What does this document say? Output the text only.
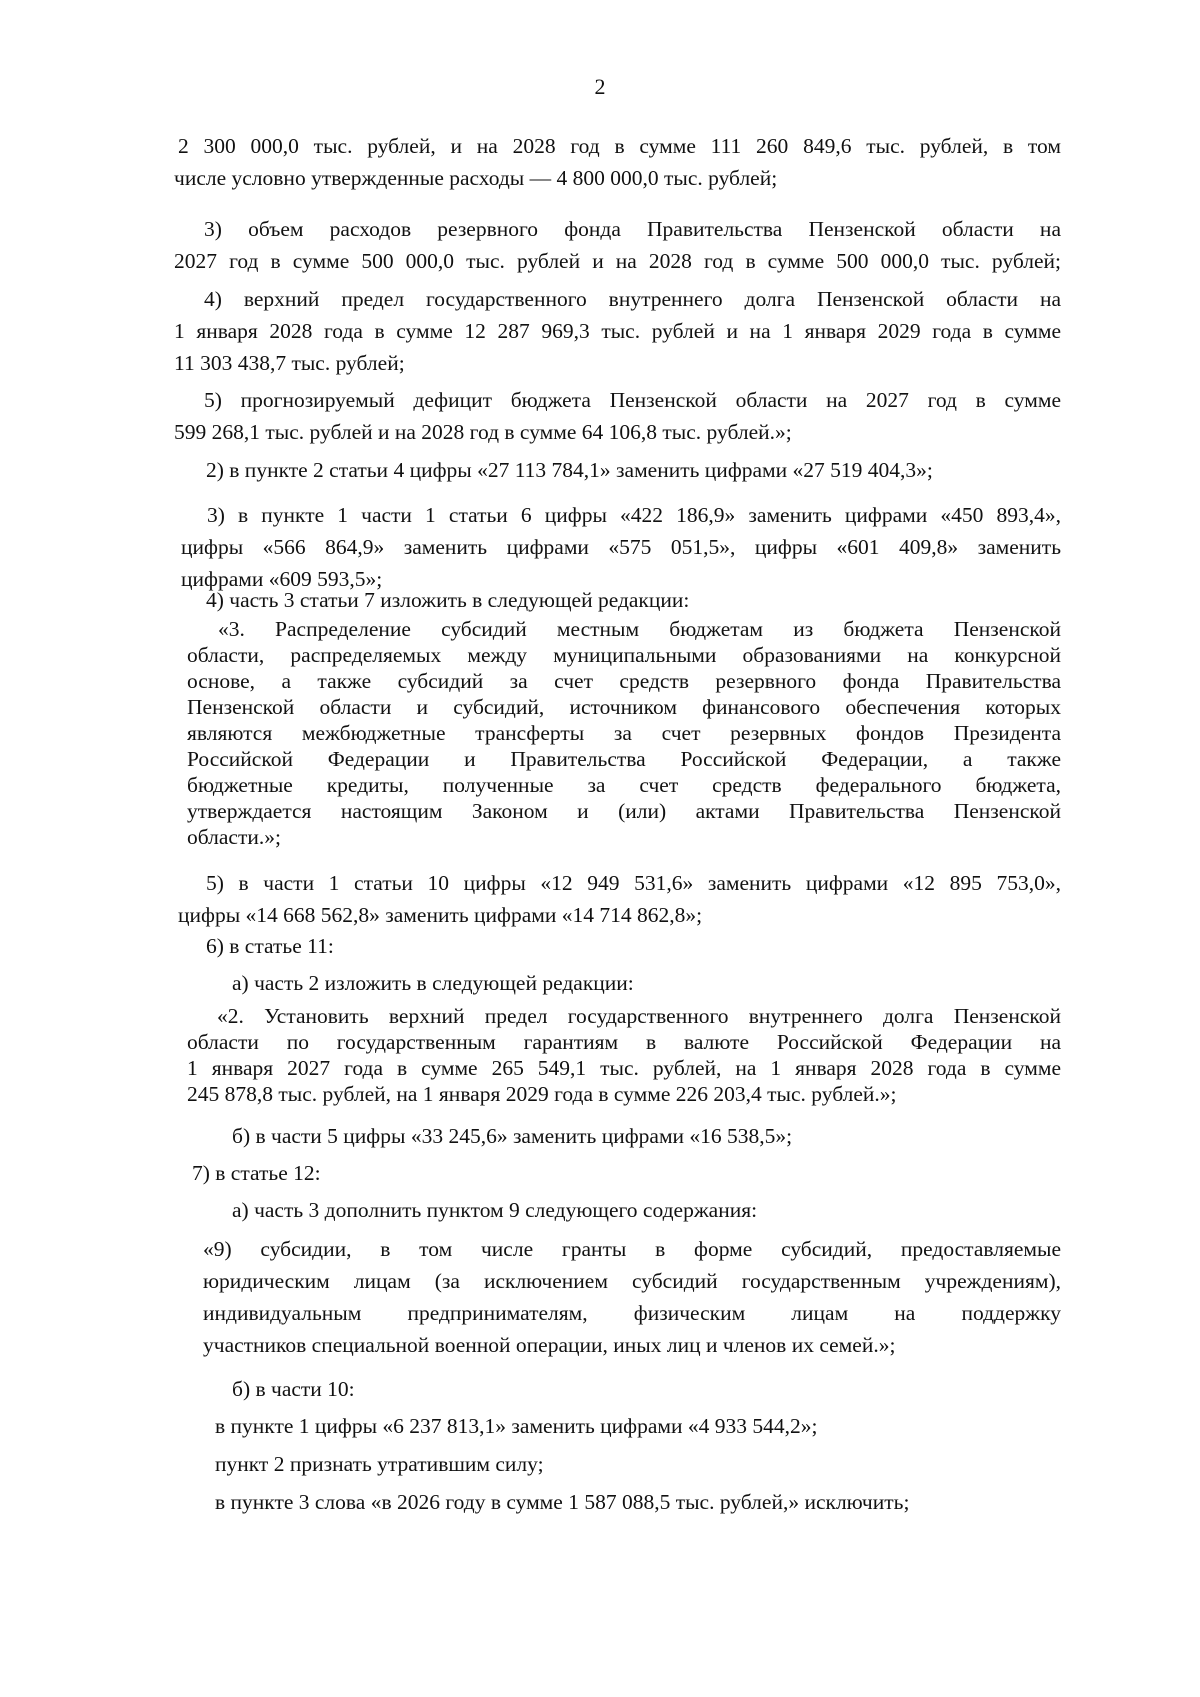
2
2 300 000,0 тыс. рублей, и на 2028 год в сумме 111 260 849,6 тыс. рублей, в том
числе условно утвержденные расходы — 4 800 000,0 тыс. рублей;
3) объем расходов резервного фонда Правительства Пензенской области на
2027 год в сумме 500 000,0 тыс. рублей и на 2028 год в сумме 500 000,0 тыс. рублей;
4) верхний предел государственного внутреннего долга Пензенской области на
1 января 2028 года в сумме 12 287 969,3 тыс. рублей и на 1 января 2029 года в сумме
11 303 438,7 тыс. рублей;
5) прогнозируемый дефицит бюджета Пензенской области на 2027 год в сумме
599 268,1 тыс. рублей и на 2028 год в сумме 64 106,8 тыс. рублей.»;
2) в пункте 2 статьи 4 цифры «27 113 784,1» заменить цифрами «27 519 404,3»;
3) в пункте 1 части 1 статьи 6 цифры «422 186,9» заменить цифрами «450 893,4»,
цифры «566 864,9» заменить цифрами «575 051,5», цифры «601 409,8» заменить
цифрами «609 593,5»;
4) часть 3 статьи 7 изложить в следующей редакции:
«3. Распределение субсидий местным бюджетам из бюджета Пензенской
области, распределяемых между муниципальными образованиями на конкурсной
основе, а также субсидий за счет средств резервного фонда Правительства
Пензенской области и субсидий, источником финансового обеспечения которых
являются межбюджетные трансферты за счет резервных фондов Президента
Российской Федерации и Правительства Российской Федерации, а также
бюджетные кредиты, полученные за счет средств федерального бюджета,
утверждается настоящим Законом и (или) актами Правительства Пензенской
области.»;
5) в части 1 статьи 10 цифры «12 949 531,6» заменить цифрами «12 895 753,0»,
цифры «14 668 562,8» заменить цифрами «14 714 862,8»;
6) в статье 11:
а) часть 2 изложить в следующей редакции:
«2. Установить верхний предел государственного внутреннего долга Пензенской
области по государственным гарантиям в валюте Российской Федерации на
1 января 2027 года в сумме 265 549,1 тыс. рублей, на 1 января 2028 года в сумме
245 878,8 тыс. рублей, на 1 января 2029 года в сумме 226 203,4 тыс. рублей.»;
б) в части 5 цифры «33 245,6» заменить цифрами «16 538,5»;
7) в статье 12:
а) часть 3 дополнить пунктом 9 следующего содержания:
«9) субсидии, в том числе гранты в форме субсидий, предоставляемые
юридическим лицам (за исключением субсидий государственным учреждениям),
индивидуальным предпринимателям, физическим лицам на поддержку
участников специальной военной операции, иных лиц и членов их семей.»;
б) в части 10:
в пункте 1 цифры «6 237 813,1» заменить цифрами «4 933 544,2»;
пункт 2 признать утратившим силу;
в пункте 3 слова «в 2026 году в сумме 1 587 088,5 тыс. рублей,» исключить;
